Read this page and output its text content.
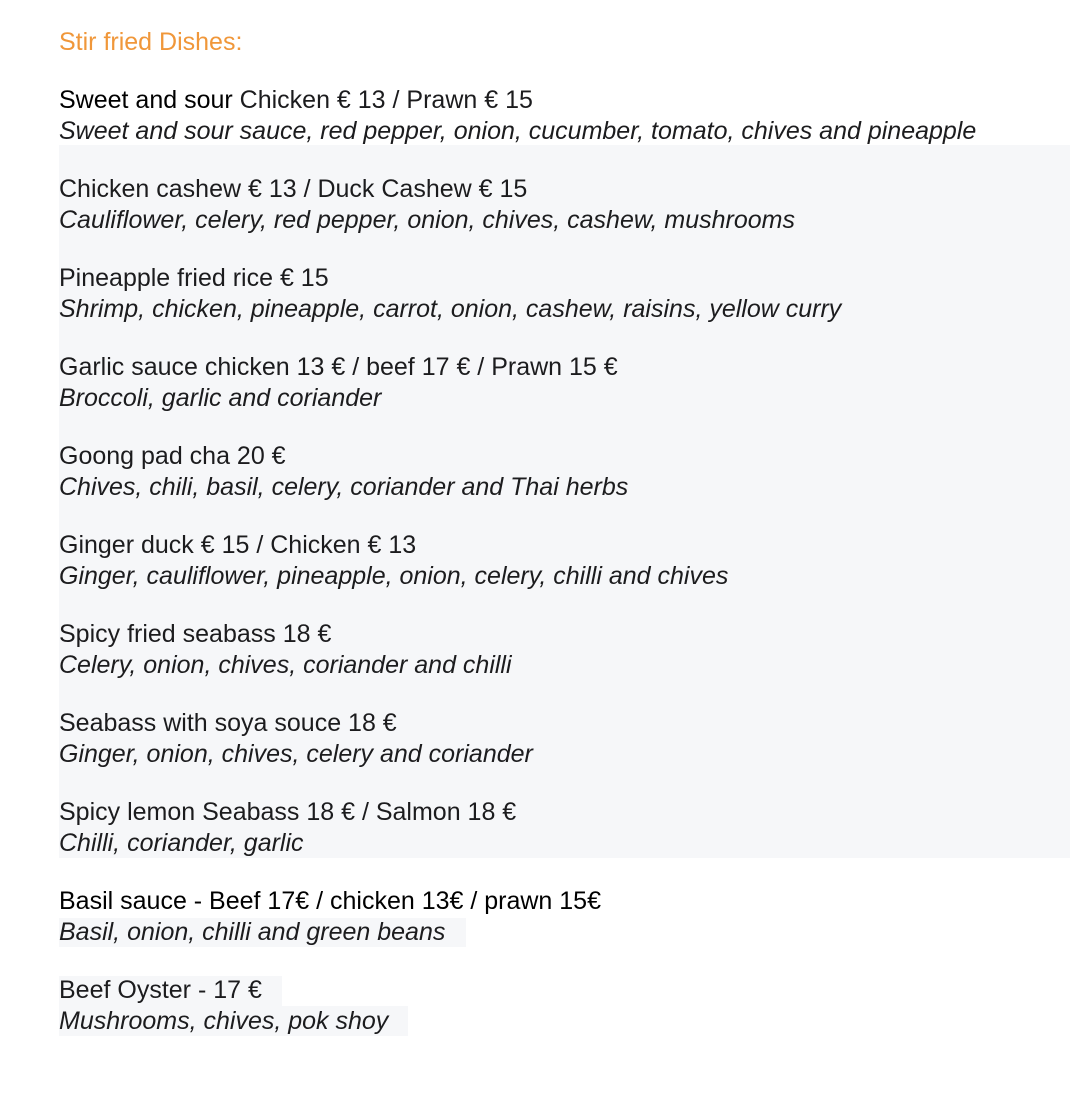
Stir fried Dishes:
Sweet and sour Chicken € 13 / Prawn € 15
Sweet and sour sauce, red pepper, onion, cucumber, tomato, chives and pineapple
Chicken cashew € 13 / Duck Cashew € 15
Cauliflower, celery, red pepper, onion, chives, cashew, mushrooms
Pineapple fried rice € 15
Shrimp, chicken, pineapple, carrot, onion, cashew, raisins, yellow curry
Garlic sauce chicken 13 € / beef 17 € / Prawn 15 €
Broccoli, garlic and coriander
Goong pad cha 20 €
Chives, chili, basil, celery, coriander and Thai herbs
Ginger duck € 15 / Chicken € 13
Ginger, cauliflower, pineapple, onion, celery, chilli and chives
Spicy fried seabass 18 €
Celery, onion, chives, coriander and chilli
Seabass with soya souce 18 €
Ginger, onion, chives, celery and coriander
Spicy lemon Seabass 18 € / Salmon 18 €
Chilli, coriander, garlic
Basil sauce - Beef 17€ / chicken 13€ / prawn 15€
Basil, onion, chilli and green beans
Beef Oyster - 17 €
Mushrooms, chives, pok shoy
